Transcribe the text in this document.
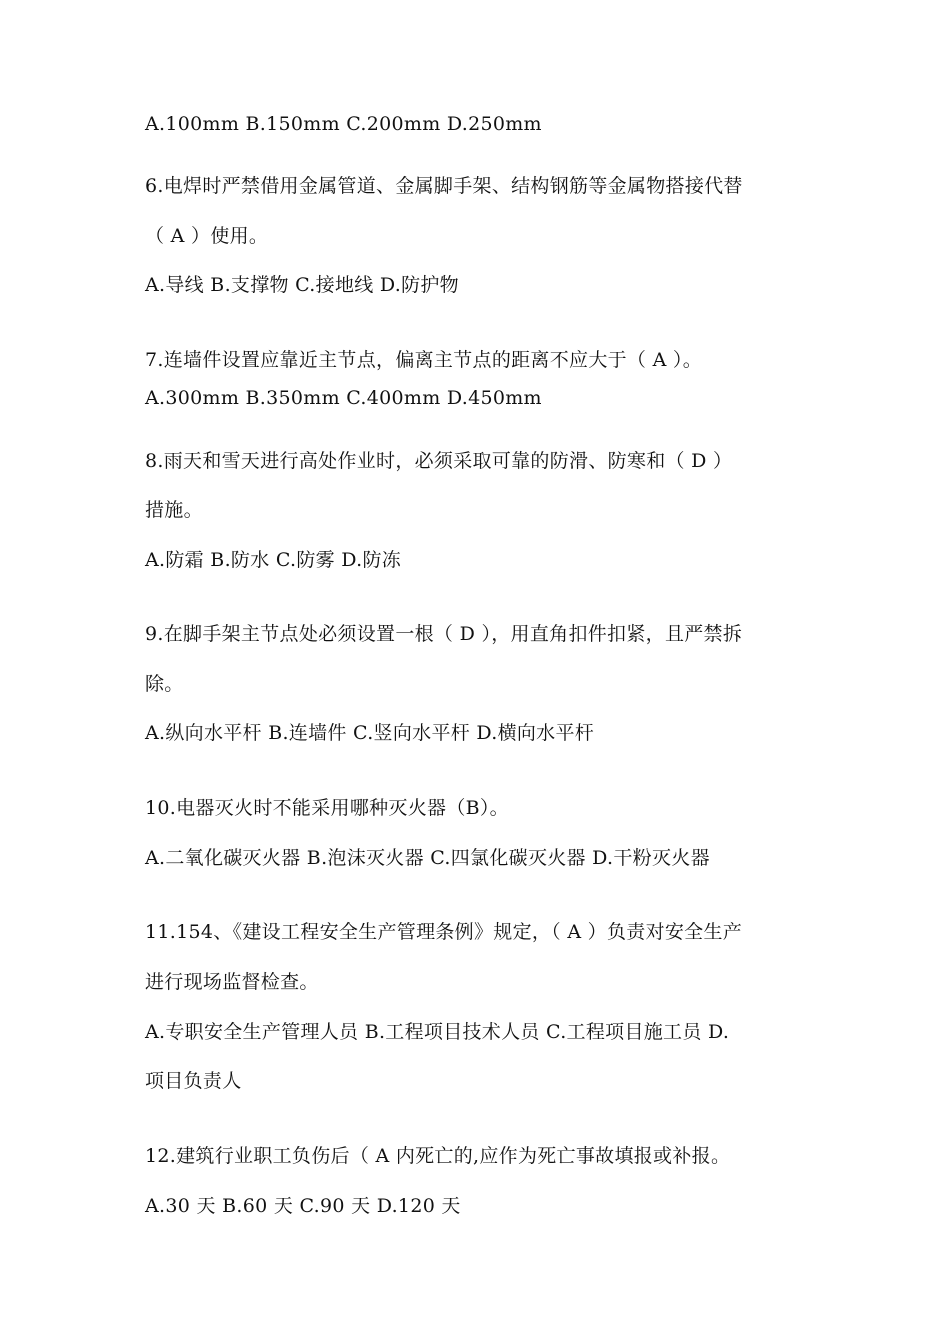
A.100mm B.150mm C.200mm D.250mm
6.电焊时严禁借用金属管道、金属脚手架、结构钢筋等金属物搭接代替
（ A ）使用。
A.导线 B.支撑物 C.接地线 D.防护物
7.连墙件设置应靠近主节点，偏离主节点的距离不应大于（ A ）。
A.300mm B.350mm C.400mm D.450mm
8.雨天和雪天进行高处作业时，必须采取可靠的防滑、防寒和（ D ）
措施。
A.防霜 B.防水 C.防雾 D.防冻
9.在脚手架主节点处必须设置一根（ D ），用直角扣件扣紧，且严禁拆
除。
A.纵向水平杆 B.连墙件 C.竖向水平杆 D.横向水平杆
10.电器灭火时不能采用哪种灭火器（B）。
A.二氧化碳灭火器 B.泡沫灭火器 C.四氯化碳灭火器 D.干粉灭火器
11.154、《建设工程安全生产管理条例》规定，（ A ）负责对安全生产
进行现场监督检查。
A.专职安全生产管理人员 B.工程项目技术人员 C.工程项目施工员 D.
项目负责人
12.建筑行业职工负伤后（ A 内死亡的,应作为死亡事故填报或补报。
A.30 天 B.60 天 C.90 天 D.120 天
